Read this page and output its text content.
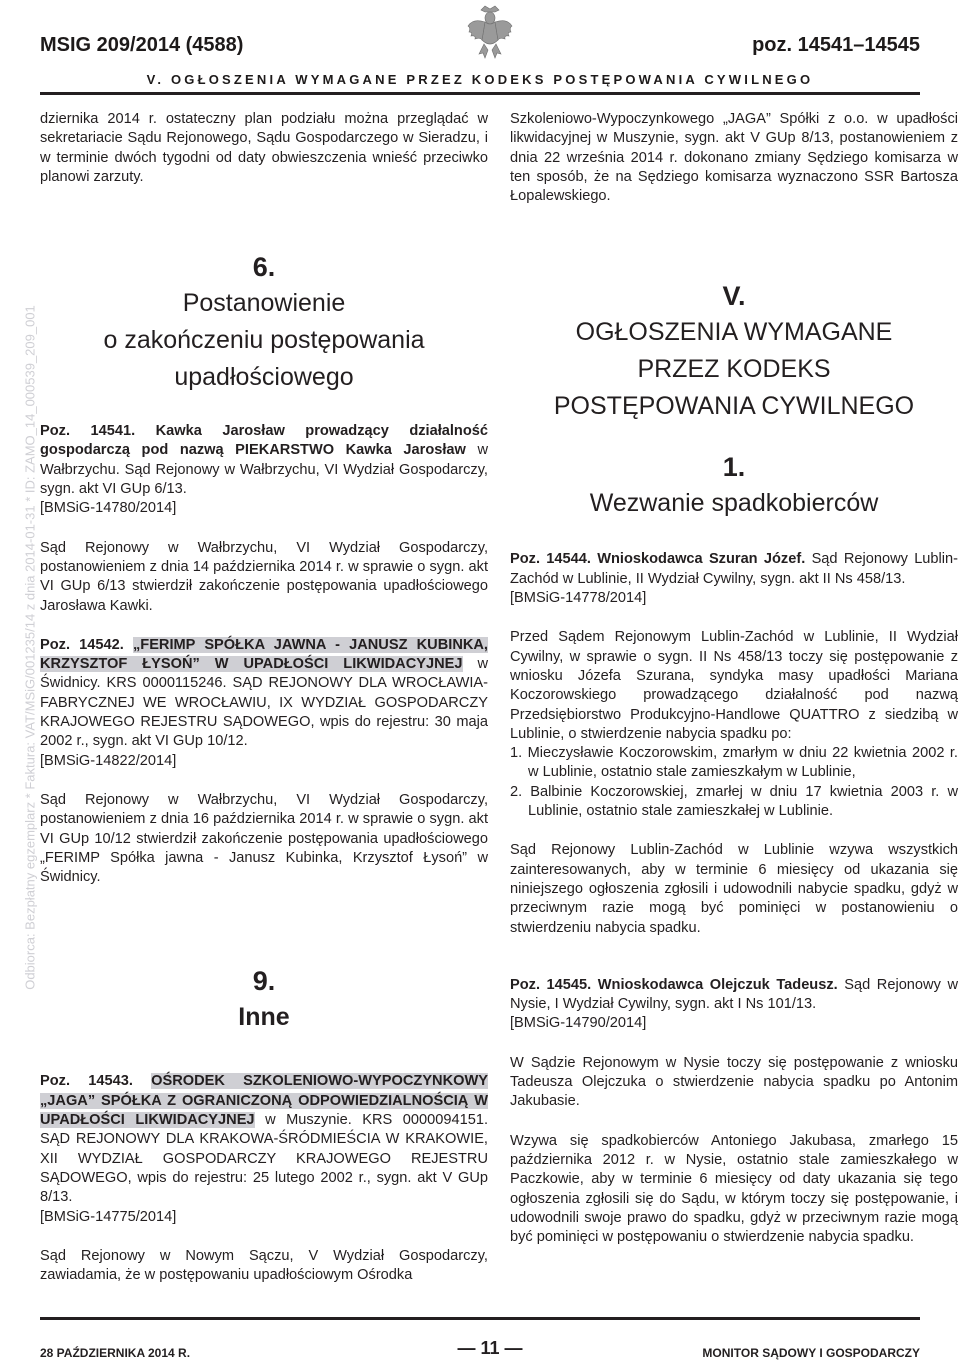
MSIG 209/2014 (4588)	poz. 14541–14545
V. OGŁOSZENIA WYMAGANE PRZEZ KODEKS POSTĘPOWANIA CYWILNEGO
Odbiorca: Bezpłatny egzemplarz * Faktura: VAT/MSiG/001235/14 z dnia 2014-01-31 * ID: ZAMO_14_000539_209_001

dziernika 2014 r. ostateczny plan podziału można przeglądać w sekretariacie Sądu Rejonowego, Sądu Gospodarczego w Sieradzu, i w terminie dwóch tygodni od daty obwieszczenia wnieść przeciwko planowi zarzuty.

6.
Postanowienie
o zakończeniu postępowania
upadłościowego

Poz. 14541. Kawka Jarosław prowadzący działalność gospodarczą pod nazwą PIEKARSTWO Kawka Jarosław w Wałbrzychu. Sąd Rejonowy w Wałbrzychu, VI Wydział Gospodarczy, sygn. akt VI GUp 6/13.

[BMSiG-14780/2014]

Sąd Rejonowy w Wałbrzychu, VI Wydział Gospodarczy, postanowieniem z dnia 14 października 2014 r. w sprawie o sygn. akt VI GUp 6/13 stwierdził zakończenie postępowania upadłościowego Jarosława Kawki.

Poz. 14542. „FERIMP SPÓŁKA JAWNA - JANUSZ KUBINKA, KRZYSZTOF ŁYSOŃ” W UPADŁOŚCI LIKWIDACYJNEJ w Świdnicy. KRS 0000115246. SĄD REJONOWY DLA WROCŁAWIA-FABRYCZNEJ WE WROCŁAWIU, IX WYDZIAŁ GOSPODARCZY KRAJOWEGO REJESTRU SĄDOWEGO, wpis do rejestru: 30 maja 2002 r., sygn. akt VI GUp 10/12.

[BMSiG-14822/2014]

Sąd Rejonowy w Wałbrzychu, VI Wydział Gospodarczy, postanowieniem z dnia 16 października 2014 r. w sprawie o sygn. akt VI GUp 10/12 stwierdził zakończenie postępowania upadłościowego „FERIMP Spółka jawna - Janusz Kubinka, Krzysztof Łysoń” w Świdnicy.

9.
Inne

Poz. 14543. OŚRODEK SZKOLENIOWO-WYPOCZYNKOWY „JAGA” SPÓŁKA Z OGRANICZONĄ ODPOWIEDZIALNOŚCIĄ W UPADŁOŚCI LIKWIDACYJNEJ w Muszynie. KRS 0000094151. SĄD REJONOWY DLA KRAKOWA-ŚRÓDMIEŚCIA W KRAKOWIE, XII WYDZIAŁ GOSPODARCZY KRAJOWEGO REJESTRU SĄDOWEGO, wpis do rejestru: 25 lutego 2002 r., sygn. akt V GUp 8/13.

[BMSiG-14775/2014]

Sąd Rejonowy w Nowym Sączu, V Wydział Gospodarczy, zawiadamia, że w postępowaniu upadłościowym Ośrodka

Szkoleniowo-Wypoczynkowego „JAGA” Spółki z o.o. w upadłości likwidacyjnej w Muszynie, sygn. akt V GUp 8/13, postanowieniem z dnia 22 września 2014 r. dokonano zmiany Sędziego komisarza w ten sposób, że na Sędziego komisarza wyznaczono SSR Bartosza Łopalewskiego.

V.
OGŁOSZENIA WYMAGANE
PRZEZ KODEKS
POSTĘPOWANIA CYWILNEGO
1.
Wezwanie spadkobierców

Poz. 14544. Wnioskodawca Szuran Józef. Sąd Rejonowy Lublin-Zachód w Lublinie, II Wydział Cywilny, sygn. akt II Ns 458/13.

[BMSiG-14778/2014]

Przed Sądem Rejonowym Lublin-Zachód w Lublinie, II Wydział Cywilny, w sprawie o sygn. II Ns 458/13 toczy się postępowanie z wniosku Józefa Szurana, syndyka masy upadłości Mariana Koczorowskiego prowadzącego działalność pod nazwą Przedsiębiorstwo Produkcyjno-Handlowe QUATTRO z siedzibą w Lublinie, o stwierdzenie nabycia spadku po:

1. Mieczysławie Koczorowskim, zmarłym w dniu 22 kwietnia 2002 r. w Lublinie, ostatnio stale zamieszkałym w Lublinie,

2. Balbinie Koczorowskiej, zmarłej w dniu 17 kwietnia 2003 r. w Lublinie, ostatnio stale zamieszkałej w Lublinie.

Sąd Rejonowy Lublin-Zachód w Lublinie wzywa wszystkich zainteresowanych, aby w terminie 6 miesięcy od ukazania się niniejszego ogłoszenia zgłosili i udowodnili nabycie spadku, gdyż w przeciwnym razie mogą być pominięci w postanowieniu o stwierdzeniu nabycia spadku.

Poz. 14545. Wnioskodawca Olejczuk Tadeusz. Sąd Rejonowy w Nysie, I Wydział Cywilny, sygn. akt I Ns 101/13.

[BMSiG-14790/2014]

W Sądzie Rejonowym w Nysie toczy się postępowanie z wniosku Tadeusza Olejczuka o stwierdzenie nabycia spadku po Antonim Jakubasie.

Wzywa się spadkobierców Antoniego Jakubasa, zmarłego 15 października 2012 r. w Nysie, ostatnio stale zamieszkałego w Paczkowie, aby w terminie 6 miesięcy od daty ukazania się tego ogłoszenia zgłosili się do Sądu, w którym toczy się postępowanie, i udowodnili swoje prawo do spadku, gdyż w przeciwnym razie mogą być pominięci w postępowaniu o stwierdzenie nabycia spadku.

28 PAŹDZIERNIKA 2014 R.	— 11 —	MONITOR SĄDOWY I GOSPODARCZY
